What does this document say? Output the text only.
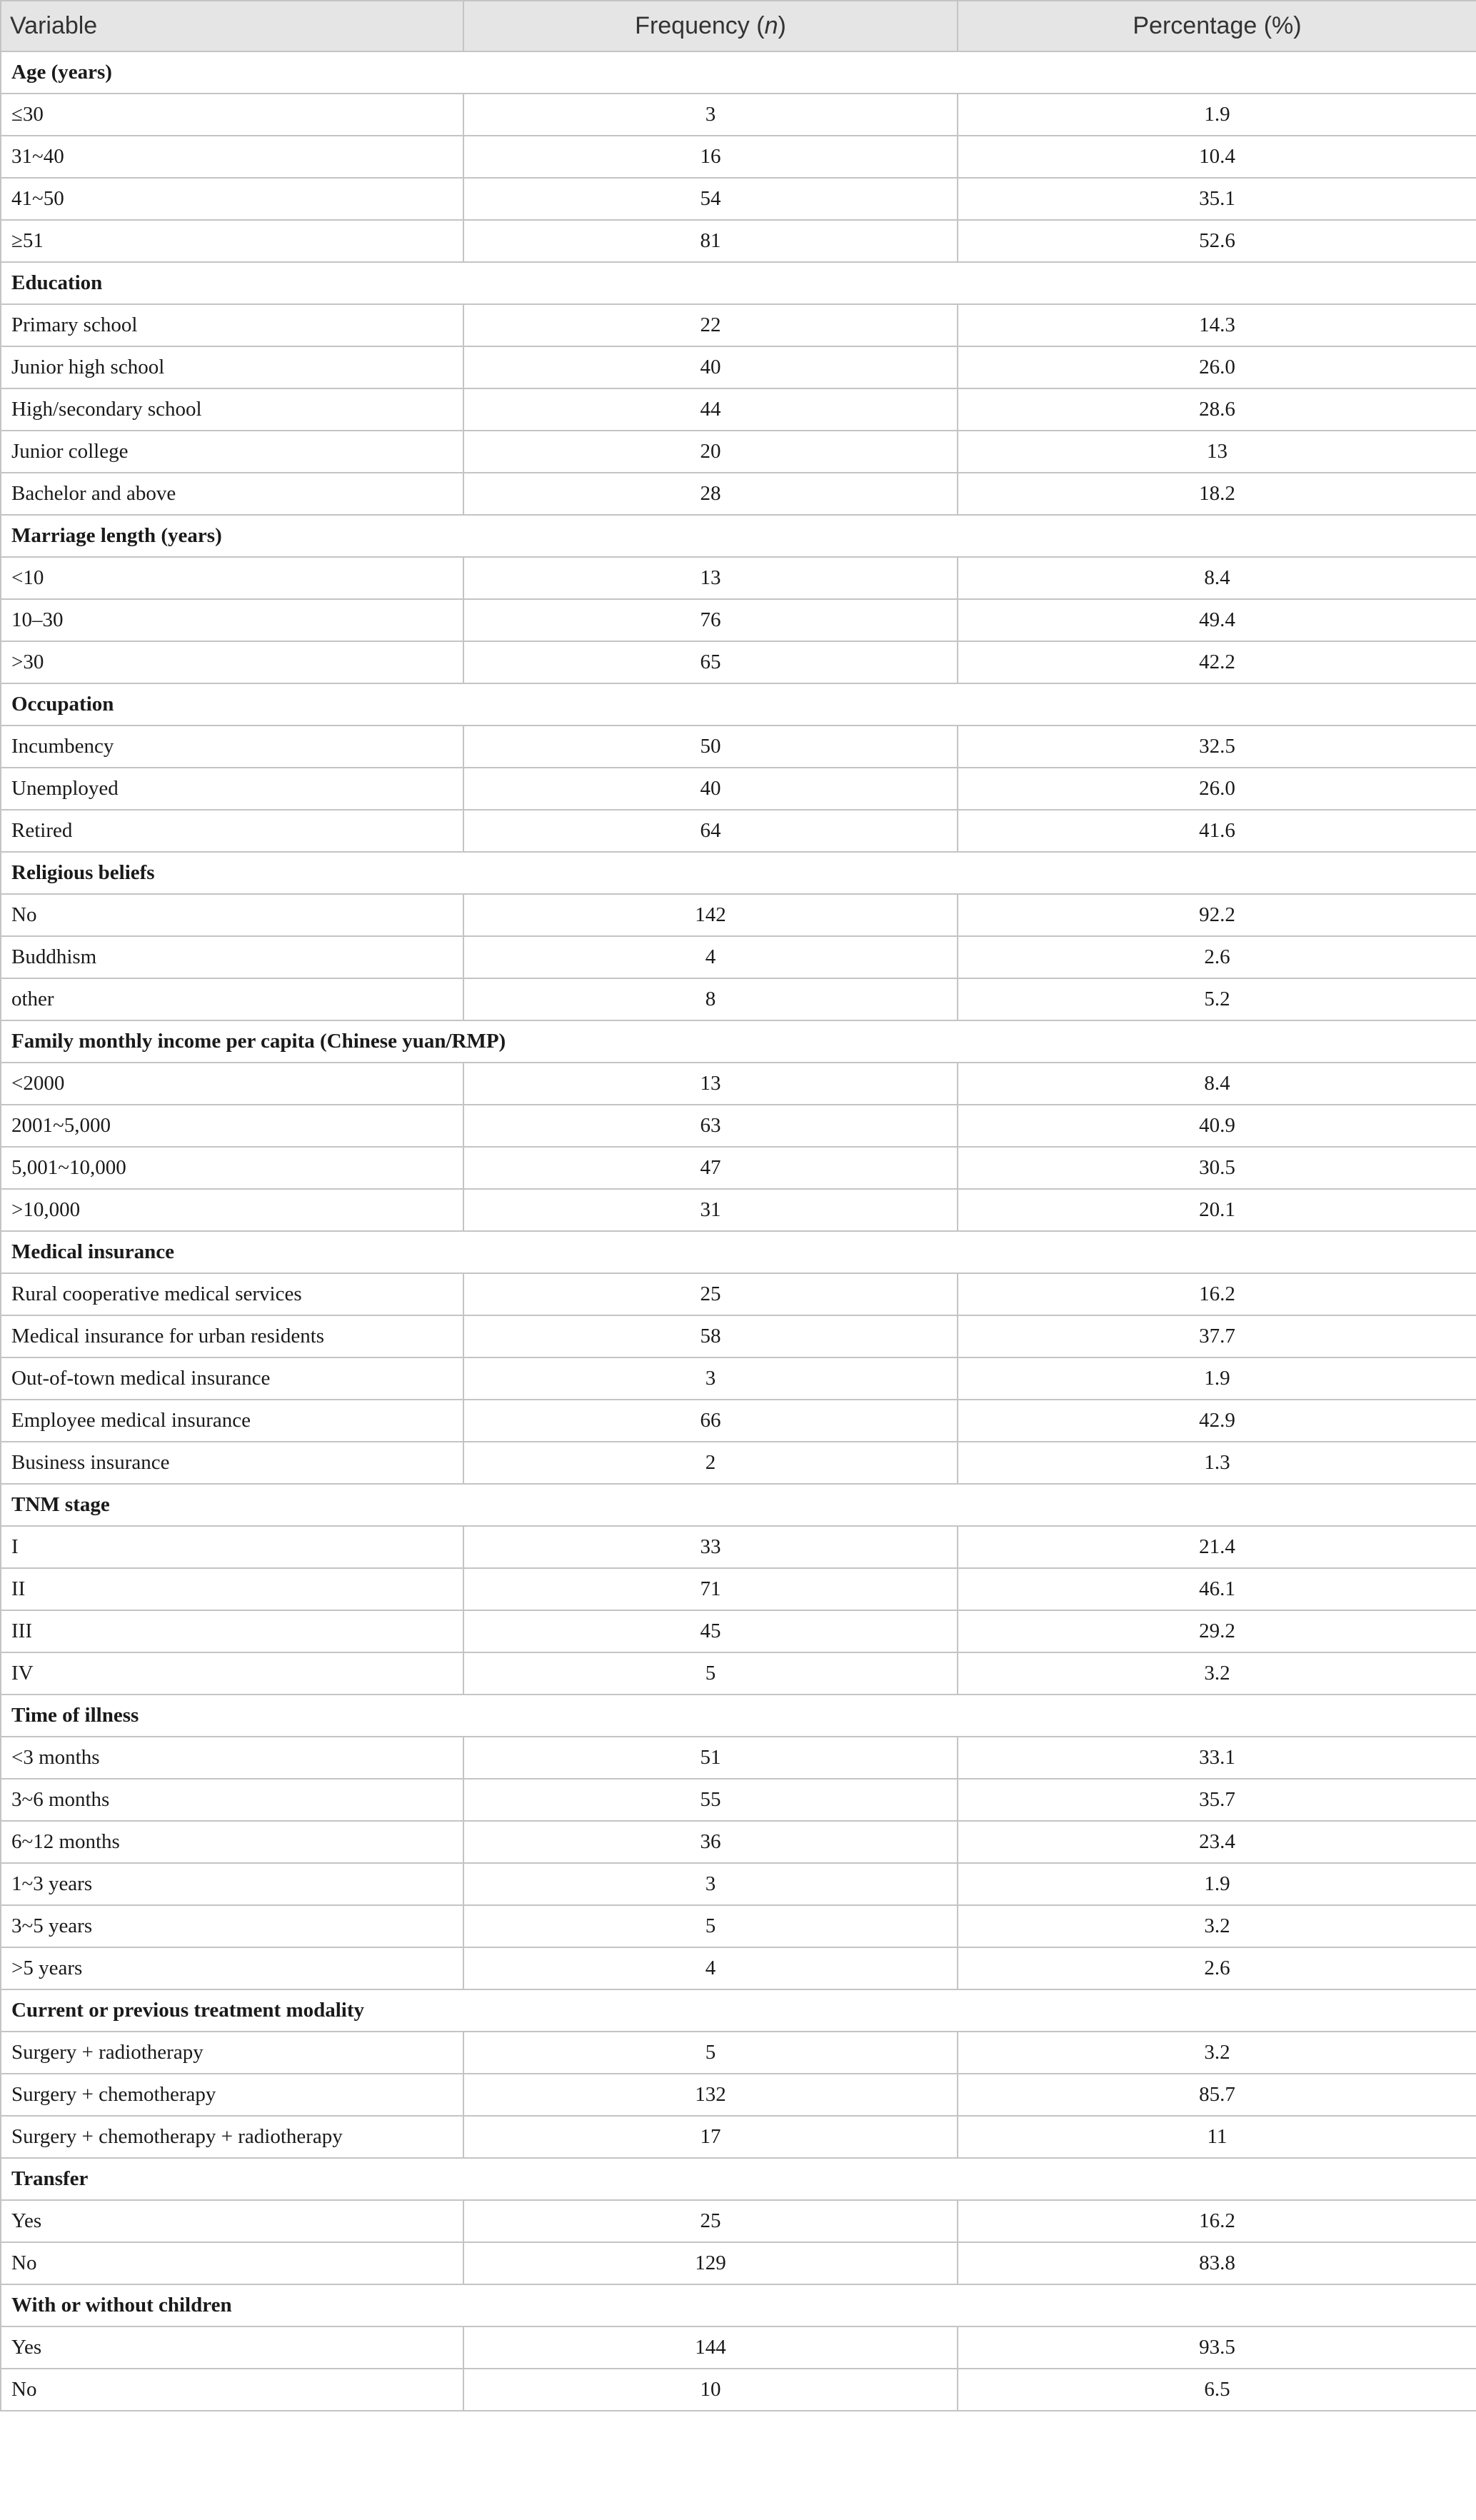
Variable	Frequency (n)	Percentage (%)
Age (years)		
≤30	3	1.9
31~40	16	10.4
41~50	54	35.1
≥51	81	52.6
Education		
Primary school	22	14.3
Junior high school	40	26.0
High/secondary school	44	28.6
Junior college	20	13
Bachelor and above	28	18.2
Marriage length (years)		
<10	13	8.4
10–30	76	49.4
>30	65	42.2
Occupation		
Incumbency	50	32.5
Unemployed	40	26.0
Retired	64	41.6
Religious beliefs		
No	142	92.2
Buddhism	4	2.6
other	8	5.2
Family monthly income per capita (Chinese yuan/RMP)		
<2000	13	8.4
2001~5,000	63	40.9
5,001~10,000	47	30.5
>10,000	31	20.1
Medical insurance		
Rural cooperative medical services	25	16.2
Medical insurance for urban residents	58	37.7
Out-of-town medical insurance	3	1.9
Employee medical insurance	66	42.9
Business insurance	2	1.3
TNM stage		
I	33	21.4
II	71	46.1
III	45	29.2
IV	5	3.2
Time of illness		
<3 months	51	33.1
3~6 months	55	35.7
6~12 months	36	23.4
1~3 years	3	1.9
3~5 years	5	3.2
>5 years	4	2.6
Current or previous treatment modality		
Surgery + radiotherapy	5	3.2
Surgery + chemotherapy	132	85.7
Surgery + chemotherapy + radiotherapy	17	11
Transfer		
Yes	25	16.2
No	129	83.8
With or without children		
Yes	144	93.5
No	10	6.5
